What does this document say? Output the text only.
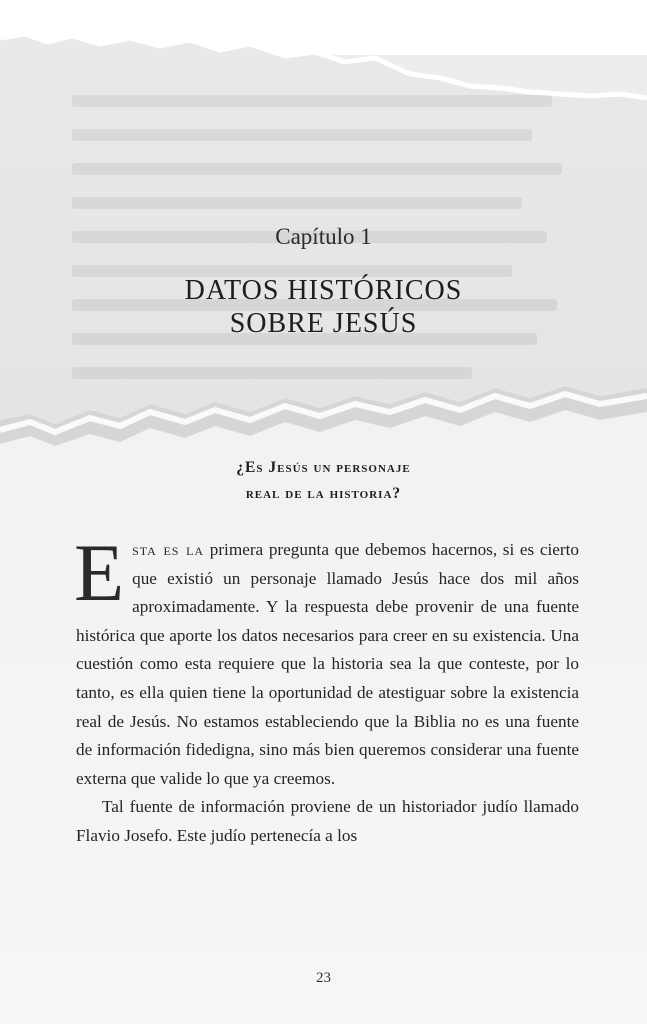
Capítulo 1
DATOS HISTÓRICOS
SOBRE JESÚS
¿Es Jesús un personaje
real de la historia?

Esta es la primera pregunta que debemos hacernos, si es cierto que existió un personaje llamado Jesús hace dos mil años aproximadamente. Y la respuesta debe provenir de una fuente histórica que aporte los datos necesarios para creer en su existencia. Una cuestión como esta requiere que la historia sea la que conteste, por lo tanto, es ella quien tiene la oportunidad de atestiguar sobre la existencia real de Jesús. No estamos estableciendo que la Biblia no es una fuente de información fidedigna, sino más bien queremos considerar una fuente externa que valide lo que ya creemos.

Tal fuente de información proviene de un historiador judío llamado Flavio Josefo. Este judío pertenecía a los

23
